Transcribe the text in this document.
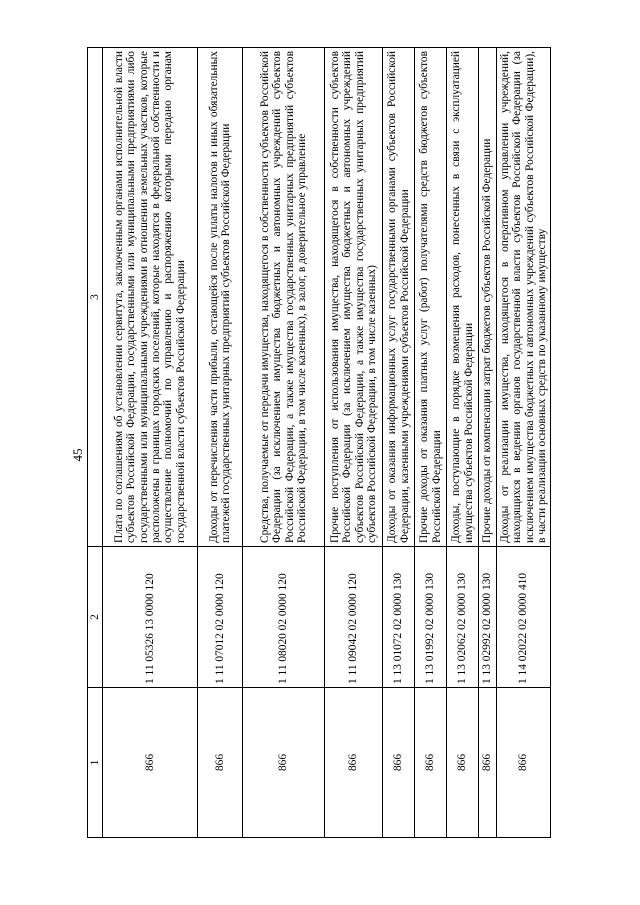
45
1	2	3
866	1 11 05326 13 0000 120	Плата по соглашениям об установлении сервитута, заключенным органами исполнительной власти субъектов Российской Федерации, государственными или муниципальными предприятиями либо государственными или муниципальными учреждениями в отношении земельных участков, которые расположены в границах городских поселений, которые находятся в федеральной собственности и осуществление полномочий по управлению и распоряжению которыми передано органам государственной власти субъектов Российской Федерации
866	1 11 07012 02 0000 120	Доходы от перечисления части прибыли, остающейся после уплаты налогов и иных обязательных платежей государственных унитарных предприятий субъектов Российской Федерации
866	1 11 08020 02 0000 120	Средства, получаемые от передачи имущества, находящегося в собственности субъектов Российской Федерации (за исключением имущества бюджетных и автономных учреждений субъектов Российской Федерации, а также имущества государственных унитарных предприятий субъектов Российской Федерации, в том числе казенных), в залог, в доверительное управление
866	1 11 09042 02 0000 120	Прочие поступления от использования имущества, находящегося в собственности субъектов Российской Федерации (за исключением имущества бюджетных и автономных учреждений субъектов Российской Федерации, а также имущества государственных унитарных предприятий субъектов Российской Федерации, в том числе казенных)
866	1 13 01072 02 0000 130	Доходы от оказания информационных услуг государственными органами субъектов Российской Федерации, казенными учреждениями субъектов Российской Федерации
866	1 13 01992 02 0000 130	Прочие доходы от оказания платных услуг (работ) получателями средств бюджетов субъектов Российской Федерации
866	1 13 02062 02 0000 130	Доходы, поступающие в порядке возмещения расходов, понесенных в связи с эксплуатацией имущества субъектов Российской Федерации
866	1 13 02992 02 0000 130	Прочие доходы от компенсации затрат бюджетов субъектов Российской Федерации
866	1 14 02022 02 0000 410	Доходы от реализации имущества, находящегося в оперативном управлении учреждений, находящихся в ведении органов государственной власти субъектов Российской Федерации (за исключением имущества бюджетных и автономных учреждений субъектов Российской Федерации), в части реализации основных средств по указанному имуществу
